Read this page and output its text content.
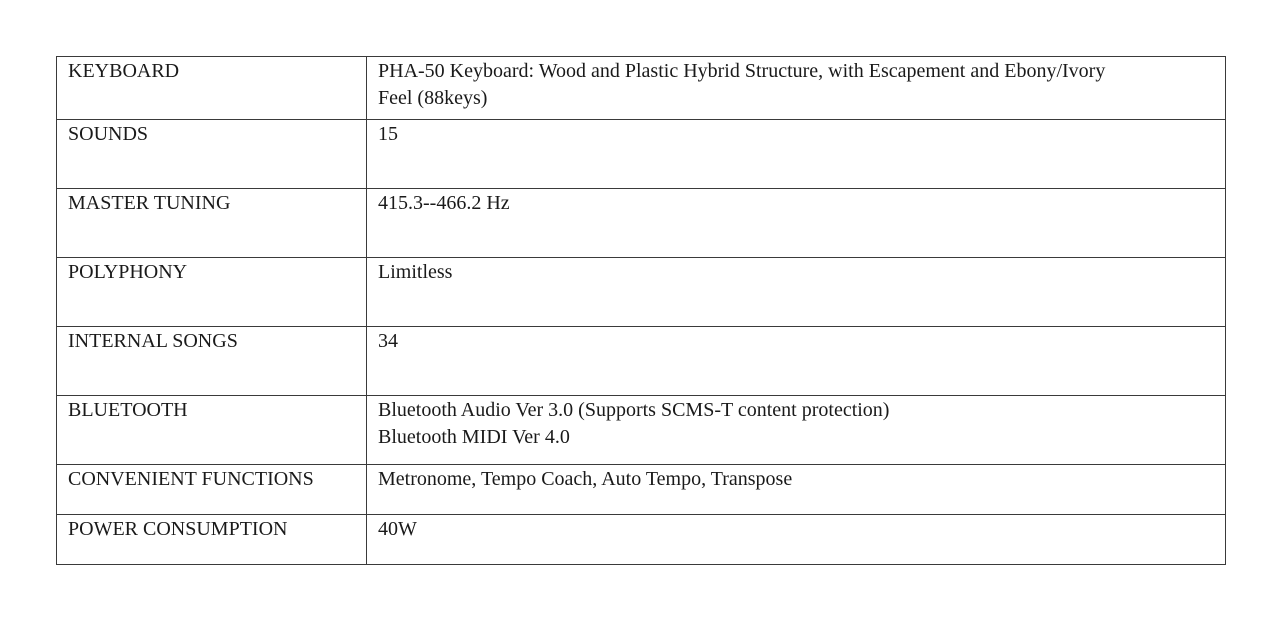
KEYBOARD	PHA-50 Keyboard: Wood and Plastic Hybrid Structure, with Escapement and Ebony/Ivory
Feel (88keys)

SOUNDS	15

MASTER TUNING	415.3--466.2 Hz

POLYPHONY	Limitless

INTERNAL SONGS	34

BLUETOOTH	Bluetooth Audio Ver 3.0 (Supports SCMS-T content protection)
Bluetooth MIDI Ver 4.0

CONVENIENT FUNCTIONS	Metronome, Tempo Coach, Auto Tempo, Transpose

POWER CONSUMPTION	40W
